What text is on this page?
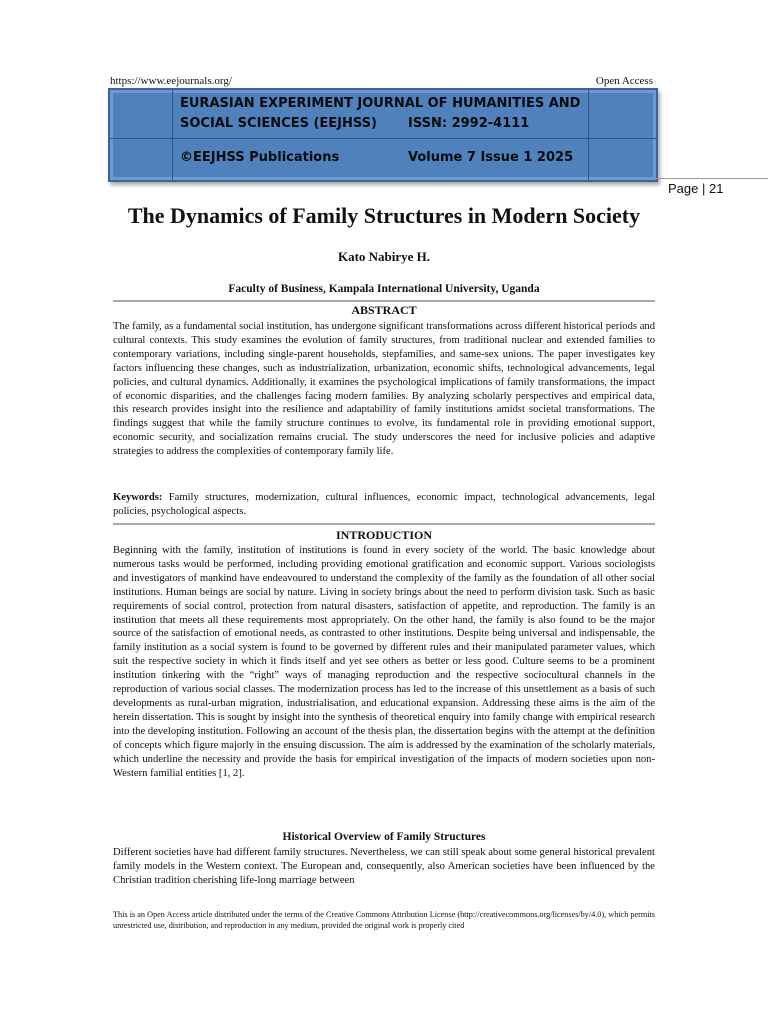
https://www.eejournals.org/	Open Access
EURASIAN EXPERIMENT JOURNAL OF HUMANITIES AND
SOCIAL SCIENCES (EEJHSS) ISSN: 2992-4111
©EEJHSS Publications	Volume 7 Issue 1 2025
Page | 21
The Dynamics of Family Structures in Modern Society
Kato Nabirye H.
Faculty of Business, Kampala International University, Uganda
ABSTRACT

The family, as a fundamental social institution, has undergone significant transformations across different historical periods and cultural contexts. This study examines the evolution of family structures, from traditional nuclear and extended families to contemporary variations, including single-parent households, stepfamilies, and same-sex unions. The paper investigates key factors influencing these changes, such as industrialization, urbanization, economic shifts, technological advancements, legal policies, and cultural dynamics. Additionally, it examines the psychological implications of family transformations, the impact of economic disparities, and the challenges facing modern families. By analyzing scholarly perspectives and empirical data, this research provides insight into the resilience and adaptability of family institutions amidst societal transformations. The findings suggest that while the family structure continues to evolve, its fundamental role in providing emotional support, economic security, and socialization remains crucial. The study underscores the need for inclusive policies and adaptive strategies to address the complexities of contemporary family life.

Keywords: Family structures, modernization, cultural influences, economic impact, technological advancements, legal policies, psychological aspects.

INTRODUCTION

Beginning with the family, institution of institutions is found in every society of the world. The basic knowledge about numerous tasks would be performed, including providing emotional gratification and economic support. Various sociologists and investigators of mankind have endeavoured to understand the complexity of the family as the foundation of all other social institutions. Human beings are social by nature. Living in society brings about the need to perform division task. Such as basic requirements of social control, protection from natural disasters, satisfaction of appetite, and reproduction. The family is an institution that meets all these requirements most appropriately. On the other hand, the family is also found to be the major source of the satisfaction of emotional needs, as contrasted to other institutions. Despite being universal and indispensable, the family institution as a social system is found to be governed by different rules and their manipulated parameter values, which suit the respective society in which it finds itself and yet see others as better or less good. Culture seems to be a prominent institution tinkering with the “right” ways of managing reproduction and the respective sociocultural channels in the reproduction of various social classes. The modernization process has led to the increase of this unsettlement as a basis of such developments as rural-urban migration, industrialisation, and educational expansion. Addressing these aims is the aim of the herein dissertation. This is sought by insight into the synthesis of theoretical enquiry into family change with empirical research into the developing institution. Following an account of the thesis plan, the dissertation begins with the attempt at the definition of concepts which figure majorly in the ensuing discussion. The aim is addressed by the examination of the scholarly materials, which underline the necessity and provide the basis for empirical investigation of the impacts of modern societies upon non-Western familial entities [1, 2].

Historical Overview of Family Structures

Different societies have had different family structures. Nevertheless, we can still speak about some general historical prevalent family models in the Western context. The European and, consequently, also American societies have been influenced by the Christian tradition cherishing life-long marriage between

This is an Open Access article distributed under the terms of the Creative Commons Attribution License (http://creativecommons.org/licenses/by/4.0), which permits unrestricted use, distribution, and reproduction in any medium, provided the original work is properly cited
